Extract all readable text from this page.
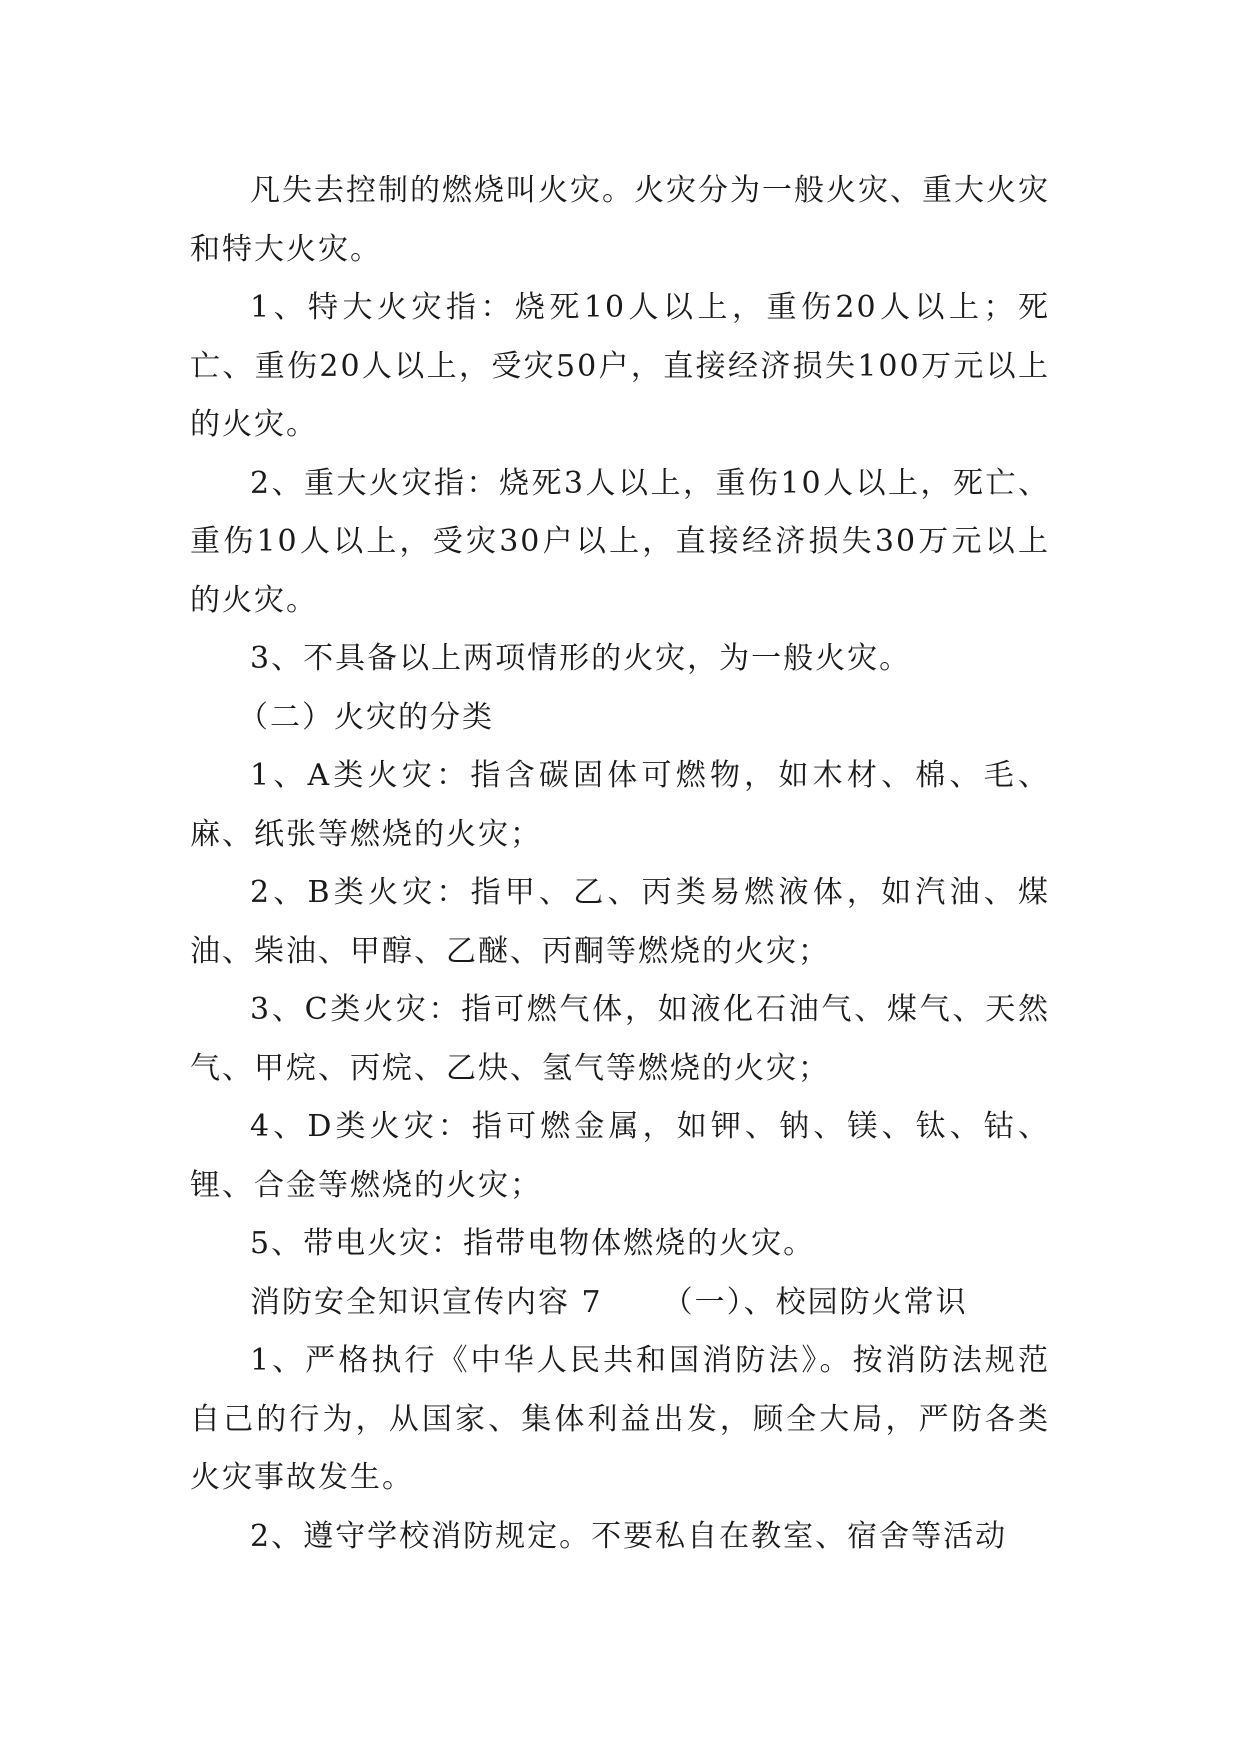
凡失去控制的燃烧叫火灾。火灾分为一般火灾、重大火灾和特大火灾。

1、特大火灾指：烧死10人以上，重伤20人以上；死亡、重伤20人以上，受灾50户，直接经济损失100万元以上的火灾。

2、重大火灾指：烧死3人以上，重伤10人以上，死亡、重伤10人以上，受灾30户以上，直接经济损失30万元以上的火灾。

3、不具备以上两项情形的火灾，为一般火灾。

（二）火灾的分类

1、A类火灾：指含碳固体可燃物，如木材、棉、毛、麻、纸张等燃烧的火灾；

2、B类火灾：指甲、乙、丙类易燃液体，如汽油、煤油、柴油、甲醇、乙醚、丙酮等燃烧的火灾；

3、C类火灾：指可燃气体，如液化石油气、煤气、天然气、甲烷、丙烷、乙炔、氢气等燃烧的火灾；

4、D类火灾：指可燃金属，如钾、钠、镁、钛、钴、锂、合金等燃烧的火灾；

5、带电火灾：指带电物体燃烧的火灾。

消防安全知识宣传内容 7 （一）、校园防火常识

1、严格执行《中华人民共和国消防法》。按消防法规范自己的行为，从国家、集体利益出发，顾全大局，严防各类火灾事故发生。

2、遵守学校消防规定。不要私自在教室、宿舍等活动
